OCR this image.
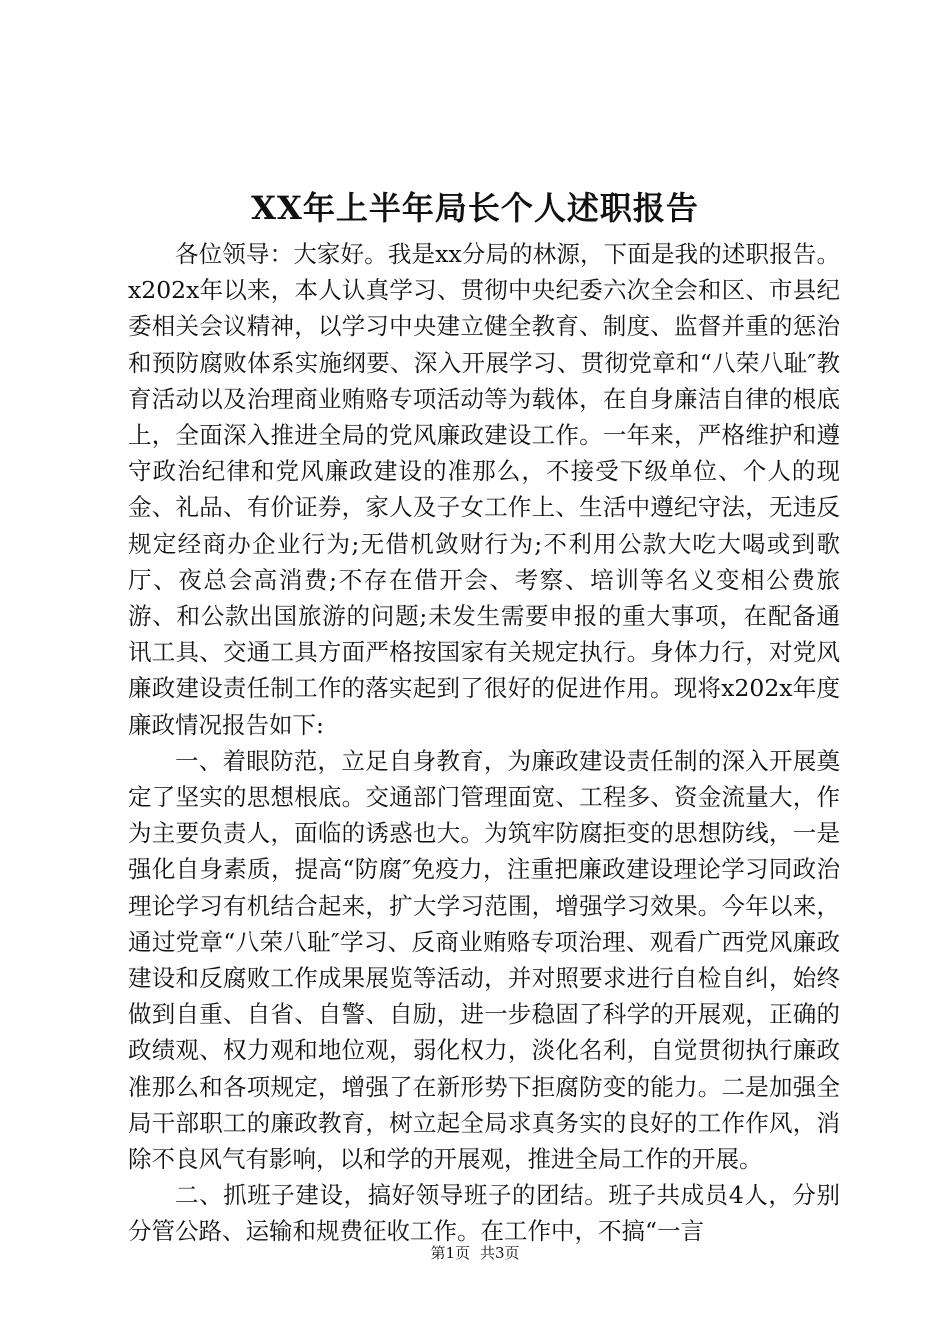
XX年上半年局长个人述职报告

各位领导：大家好。我是xx分局的林源，下面是我的述职报告。x202x年以来，本人认真学习、贯彻中央纪委六次全会和区、市县纪委相关会议精神，以学习中央建立健全教育、制度、监督并重的惩治和预防腐败体系实施纲要、深入开展学习、贯彻党章和“八荣八耻″教育活动以及治理商业贿赂专项活动等为载体，在自身廉洁自律的根底上，全面深入推进全局的党风廉政建设工作。一年来，严格维护和遵守政治纪律和党风廉政建设的准那么，不接受下级单位、个人的现金、礼品、有价证券，家人及子女工作上、生活中遵纪守法，无违反规定经商办企业行为;无借机敛财行为;不利用公款大吃大喝或到歌厅、夜总会高消费;不存在借开会、考察、培训等名义变相公费旅游、和公款出国旅游的问题;未发生需要申报的重大事项，在配备通讯工具、交通工具方面严格按国家有关规定执行。身体力行，对党风廉政建设责任制工作的落实起到了很好的促进作用。现将x202x年度廉政情况报告如下:

一、着眼防范，立足自身教育，为廉政建设责任制的深入开展奠定了坚实的思想根底。交通部门管理面宽、工程多、资金流量大，作为主要负责人，面临的诱惑也大。为筑牢防腐拒变的思想防线，一是强化自身素质，提高“防腐″免疫力，注重把廉政建设理论学习同政治理论学习有机结合起来，扩大学习范围，增强学习效果。今年以来，通过党章“八荣八耻″学习、反商业贿赂专项治理、观看广西党风廉政建设和反腐败工作成果展览等活动，并对照要求进行自检自纠，始终做到自重、自省、自警、自励，进一步稳固了科学的开展观，正确的政绩观、权力观和地位观，弱化权力，淡化名利，自觉贯彻执行廉政准那么和各项规定，增强了在新形势下拒腐防变的能力。二是加强全局干部职工的廉政教育，树立起全局求真务实的良好的工作作风，消除不良风气有影响，以和学的开展观，推进全局工作的开展。

二、抓班子建设，搞好领导班子的团结。班子共成员4人，分别分管公路、运输和规费征收工作。在工作中，不搞“一言

第1页 共3页
